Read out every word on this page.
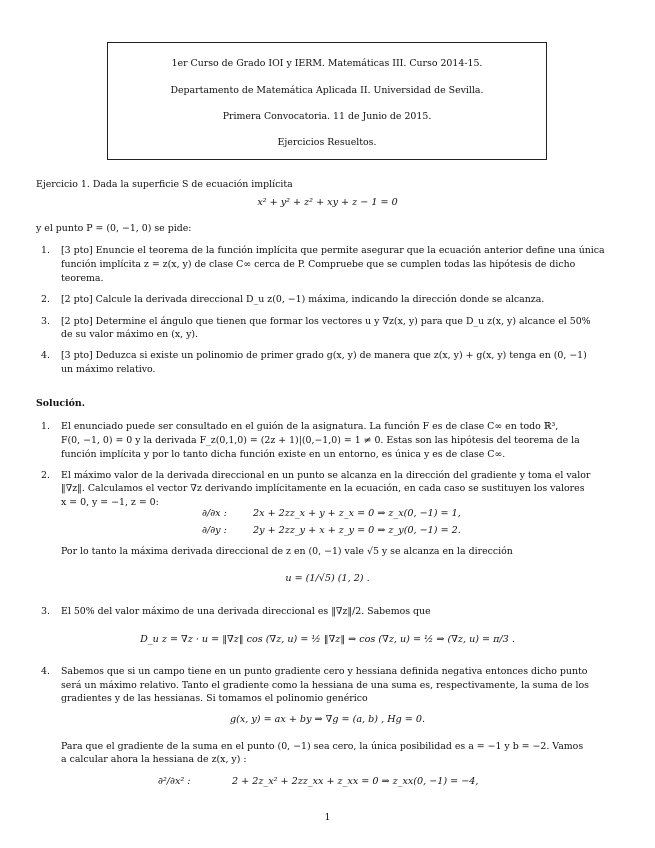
1er Curso de Grado IOI y IERM. Matemáticas III. Curso 2014-15.
Departamento de Matemática Aplicada II. Universidad de Sevilla.
Primera Convocatoria. 11 de Junio de 2015.
Ejercicios Resueltos.
Ejercicio 1. Dada la superficie S de ecuación implícita
x² + y² + z² + xy + z − 1 = 0
y el punto P = (0, −1, 0) se pide:
1. [3 pto] Enuncie el teorema de la función implícita que permite asegurar que la ecuación anterior define una única
función implícita z = z(x, y) de clase C∞ cerca de P. Compruebe que se cumplen todas las hipótesis de dicho
teorema.
2. [2 pto] Calcule la derivada direccional D_u z(0, −1) máxima, indicando la dirección donde se alcanza.
3. [2 pto] Determine el ángulo que tienen que formar los vectores u y ∇z(x, y) para que D_u z(x, y) alcance el 50%
de su valor máximo en (x, y).
4. [3 pto] Deduzca si existe un polinomio de primer grado g(x, y) de manera que z(x, y) + g(x, y) tenga en (0, −1)
un máximo relativo.
Solución.
1. El enunciado puede ser consultado en el guión de la asignatura. La función F es de clase C∞ en todo ℝ³,
F(0, −1, 0) = 0 y la derivada F_z(0,1,0) = (2z + 1)|(0,−1,0) = 1 ≠ 0. Estas son las hipótesis del teorema de la
función implícita y por lo tanto dicha función existe en un entorno, es única y es de clase C∞.
2. El máximo valor de la derivada direccional en un punto se alcanza en la dirección del gradiente y toma el valor
‖∇z‖. Calculamos el vector ∇z derivando implícitamente en la ecuación, en cada caso se sustituyen los valores
x = 0, y = −1, z = 0:
∂/∂x :	2x + 2zz_x + y + z_x = 0 ⇒ z_x(0, −1) = 1,
∂/∂y :	2y + 2zz_y + x + z_y = 0 ⇒ z_y(0, −1) = 2.
Por lo tanto la máxima derivada direccional de z en (0, −1) vale √5 y se alcanza en la dirección
u = (1/√5) (1, 2) .
3. El 50% del valor máximo de una derivada direccional es ‖∇z‖/2. Sabemos que
D_u z = ∇z · u = ‖∇z‖ cos (∇z, u) = ½ ‖∇z‖ ⇒ cos (∇z, u) = ½ ⇒ (∇z, u) = π/3 .
4. Sabemos que si un campo tiene en un punto gradiente cero y hessiana definida negativa entonces dicho punto
será un máximo relativo. Tanto el gradiente como la hessiana de una suma es, respectivamente, la suma de los
gradientes y de las hessianas. Si tomamos el polinomio genérico
g(x, y) = ax + by ⇒ ∇g = (a, b) , Hg = 0.
Para que el gradiente de la suma en el punto (0, −1) sea cero, la única posibilidad es a = −1 y b = −2. Vamos
a calcular ahora la hessiana de z(x, y) :
∂²/∂x² :	2 + 2z_x² + 2zz_xx + z_xx = 0 ⇒ z_xx(0, −1) = −4,
1
